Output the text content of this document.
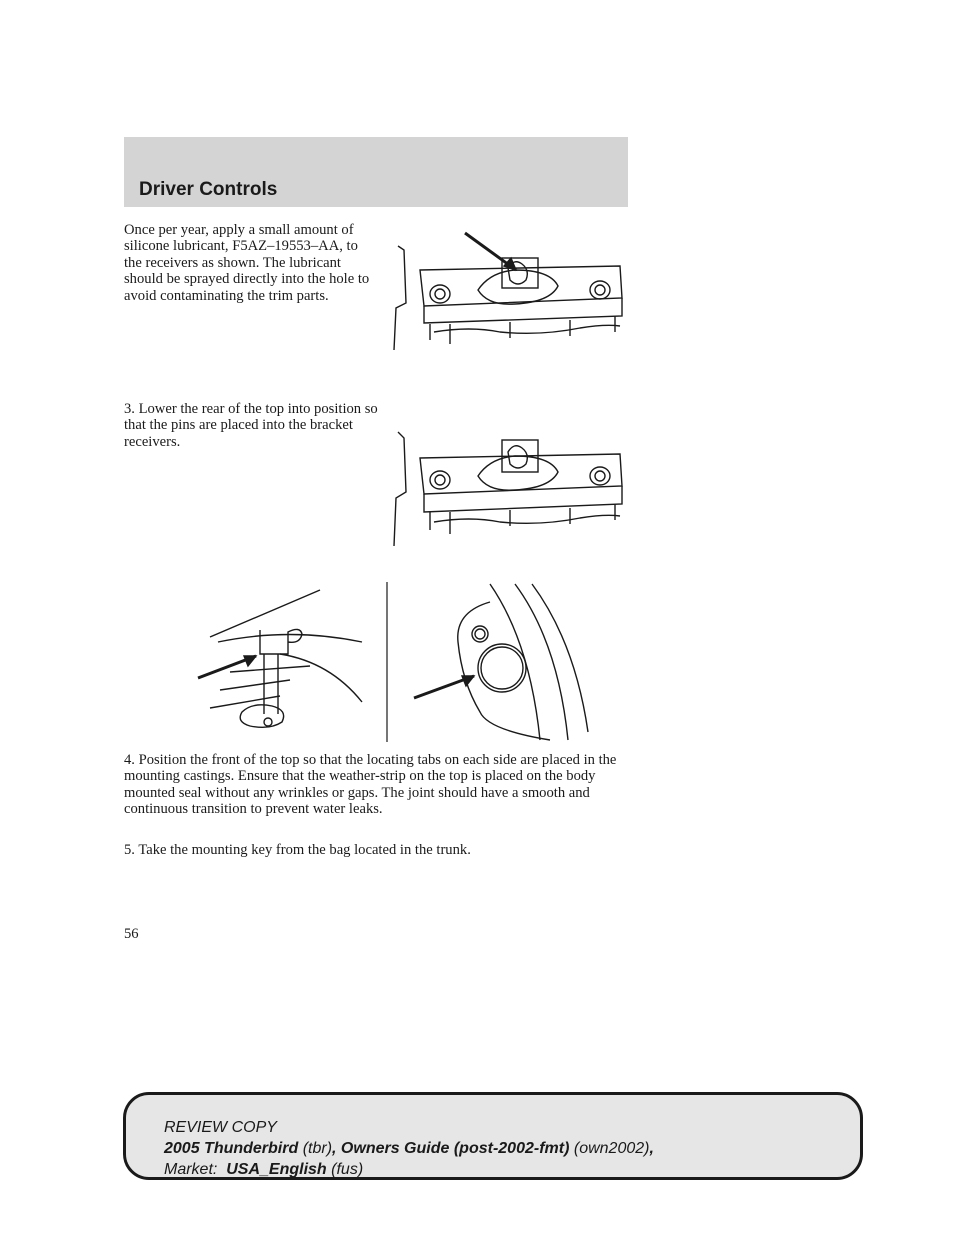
Driver Controls
Once per year, apply a small amount of silicone lubricant, F5AZ–19553–AA, to the receivers as shown. The lubricant should be sprayed directly into the hole to avoid contaminating the trim parts.
3. Lower the rear of the top into position so that the pins are placed into the bracket receivers.
4. Position the front of the top so that the locating tabs on each side are placed in the mounting castings. Ensure that the weather-strip on the top is placed on the body mounted seal without any wrinkles or gaps. The joint should have a smooth and continuous transition to prevent water leaks.
5. Take the mounting key from the bag located in the trunk.
56
REVIEW COPY
2005 Thunderbird (tbr), Owners Guide (post-2002-fmt) (own2002),
Market: USA_English (fus)
